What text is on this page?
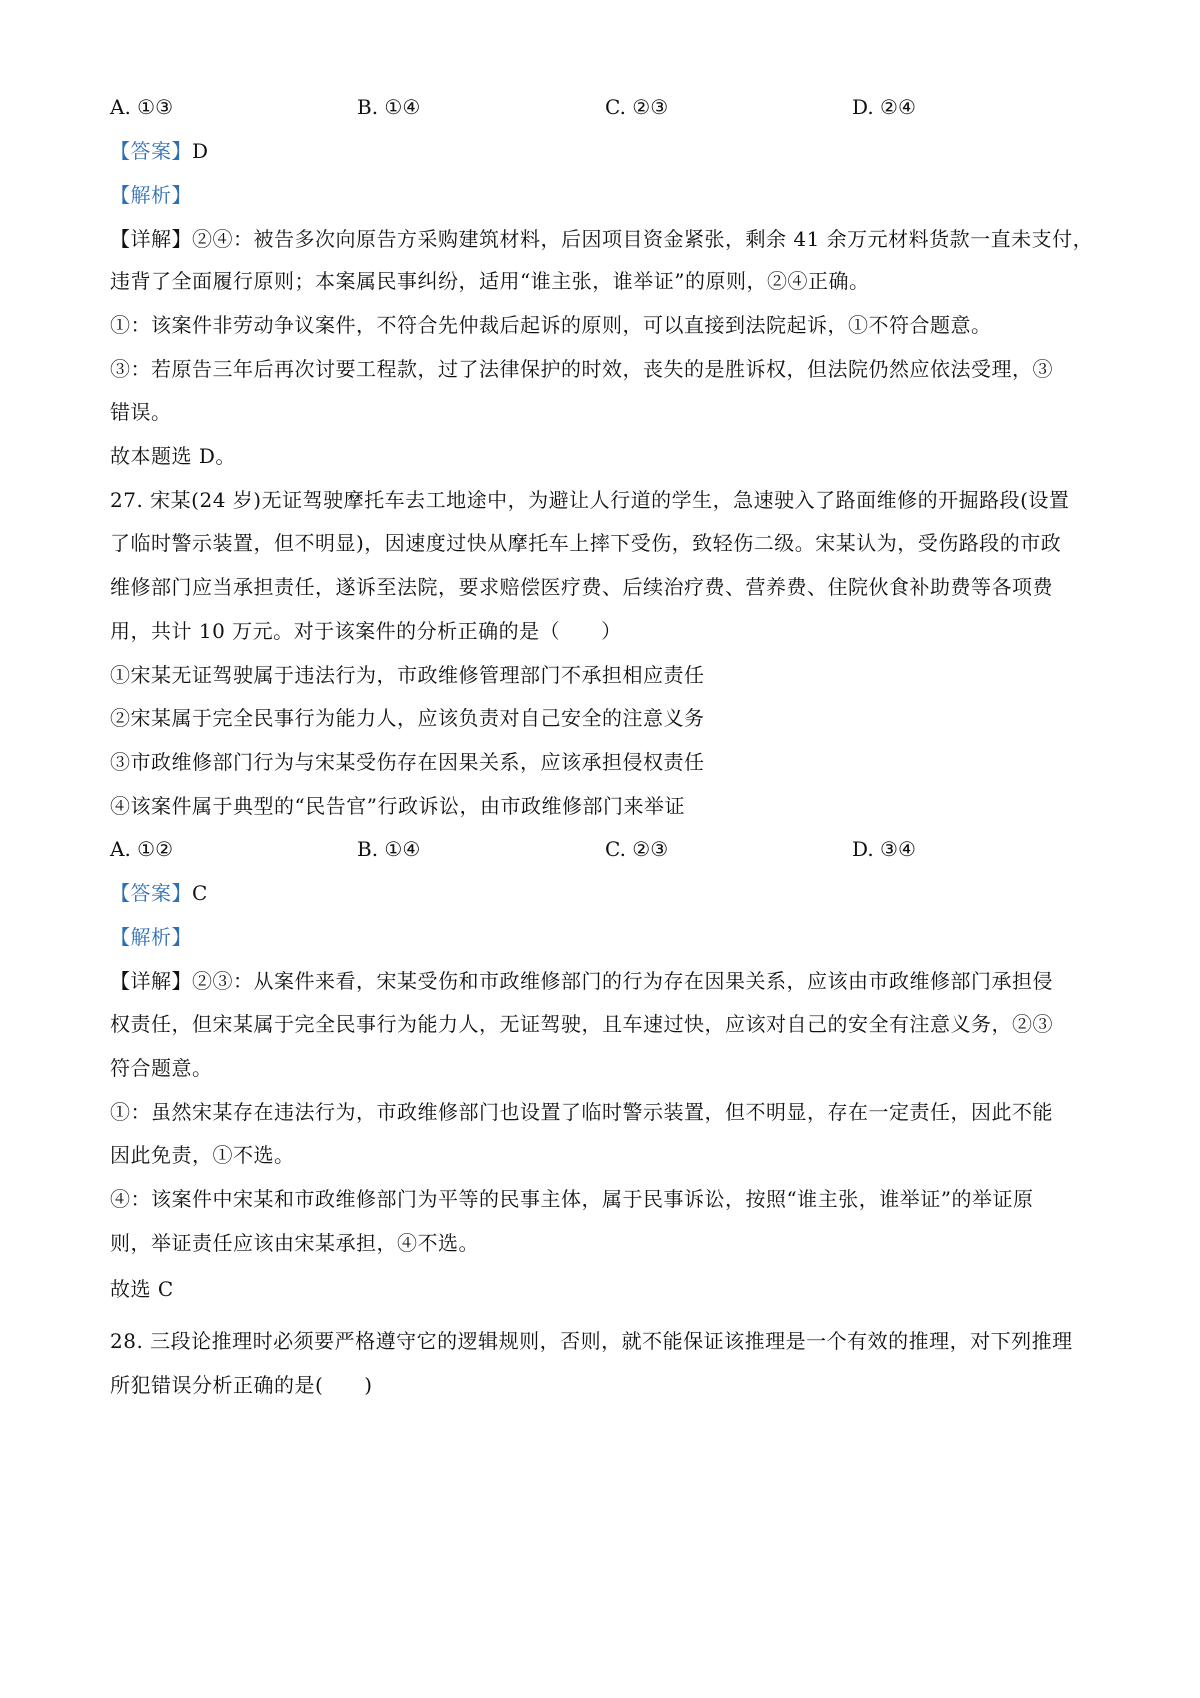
A. ①③	B. ①④	C. ②③	D. ②④
【答案】D
【解析】
【详解】②④：被告多次向原告方采购建筑材料，后因项目资金紧张，剩余 41 余万元材料货款一直未支付，
违背了全面履行原则；本案属民事纠纷，适用“谁主张，谁举证”的原则，②④正确。
①：该案件非劳动争议案件，不符合先仲裁后起诉的原则，可以直接到法院起诉，①不符合题意。
③：若原告三年后再次讨要工程款，过了法律保护的时效，丧失的是胜诉权，但法院仍然应依法受理，③
错误。
故本题选 D。
27. 宋某(24 岁)无证驾驶摩托车去工地途中，为避让人行道的学生，急速驶入了路面维修的开掘路段(设置
了临时警示装置，但不明显)，因速度过快从摩托车上摔下受伤，致轻伤二级。宋某认为，受伤路段的市政
维修部门应当承担责任，遂诉至法院，要求赔偿医疗费、后续治疗费、营养费、住院伙食补助费等各项费
用，共计 10 万元。对于该案件的分析正确的是（　　）
①宋某无证驾驶属于违法行为，市政维修管理部门不承担相应责任
②宋某属于完全民事行为能力人，应该负责对自己安全的注意义务
③市政维修部门行为与宋某受伤存在因果关系，应该承担侵权责任
④该案件属于典型的“民告官”行政诉讼，由市政维修部门来举证
A. ①②	B. ①④	C. ②③	D. ③④
【答案】C
【解析】
【详解】②③：从案件来看，宋某受伤和市政维修部门的行为存在因果关系，应该由市政维修部门承担侵
权责任，但宋某属于完全民事行为能力人，无证驾驶，且车速过快，应该对自己的安全有注意义务，②③
符合题意。
①：虽然宋某存在违法行为，市政维修部门也设置了临时警示装置，但不明显，存在一定责任，因此不能
因此免责，①不选。
④：该案件中宋某和市政维修部门为平等的民事主体，属于民事诉讼，按照“谁主张，谁举证”的举证原
则，举证责任应该由宋某承担，④不选。
故选 C
28. 三段论推理时必须要严格遵守它的逻辑规则，否则，就不能保证该推理是一个有效的推理，对下列推理
所犯错误分析正确的是(　　)
